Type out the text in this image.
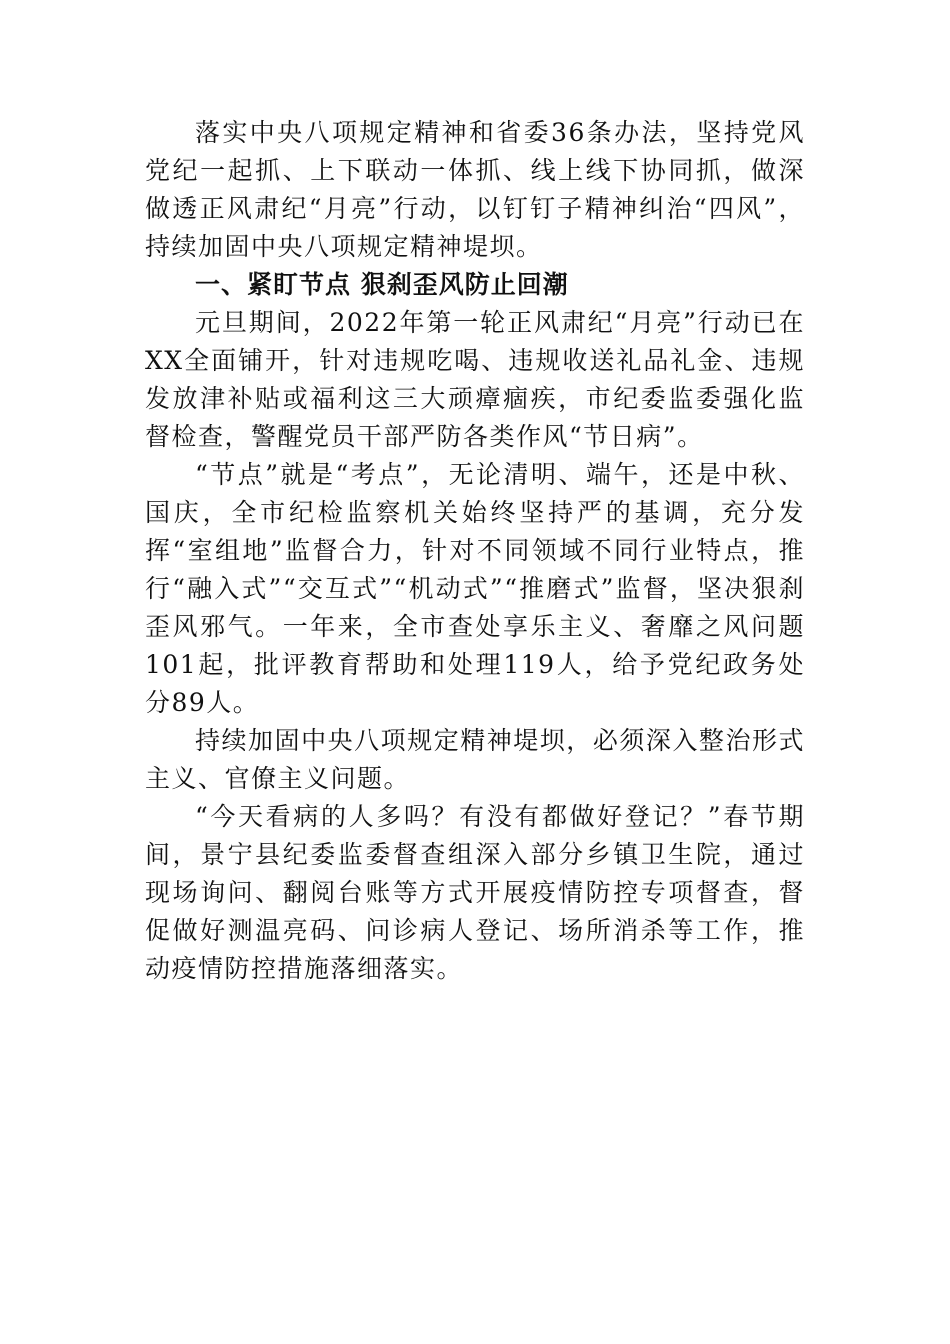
落实中央八项规定精神和省委36条办法，坚持党风党纪一起抓、上下联动一体抓、线上线下协同抓，做深做透正风肃纪“月亮”行动，以钉钉子精神纠治“四风”，持续加固中央八项规定精神堤坝。

一、紧盯节点 狠刹歪风防止回潮

元旦期间，2022年第一轮正风肃纪“月亮”行动已在XX全面铺开，针对违规吃喝、违规收送礼品礼金、违规发放津补贴或福利这三大顽瘴痼疾，市纪委监委强化监督检查，警醒党员干部严防各类作风“节日病”。

“节点”就是“考点”，无论清明、端午，还是中秋、国庆，全市纪检监察机关始终坚持严的基调，充分发挥“室组地”监督合力，针对不同领域不同行业特点，推行“融入式”“交互式”“机动式”“推磨式”监督，坚决狠刹歪风邪气。一年来，全市查处享乐主义、奢靡之风问题101起，批评教育帮助和处理119人，给予党纪政务处分89人。

持续加固中央八项规定精神堤坝，必须深入整治形式主义、官僚主义问题。

“今天看病的人多吗？有没有都做好登记？”春节期间，景宁县纪委监委督查组深入部分乡镇卫生院，通过现场询问、翻阅台账等方式开展疫情防控专项督查，督促做好测温亮码、问诊病人登记、场所消杀等工作，推动疫情防控措施落细落实。
